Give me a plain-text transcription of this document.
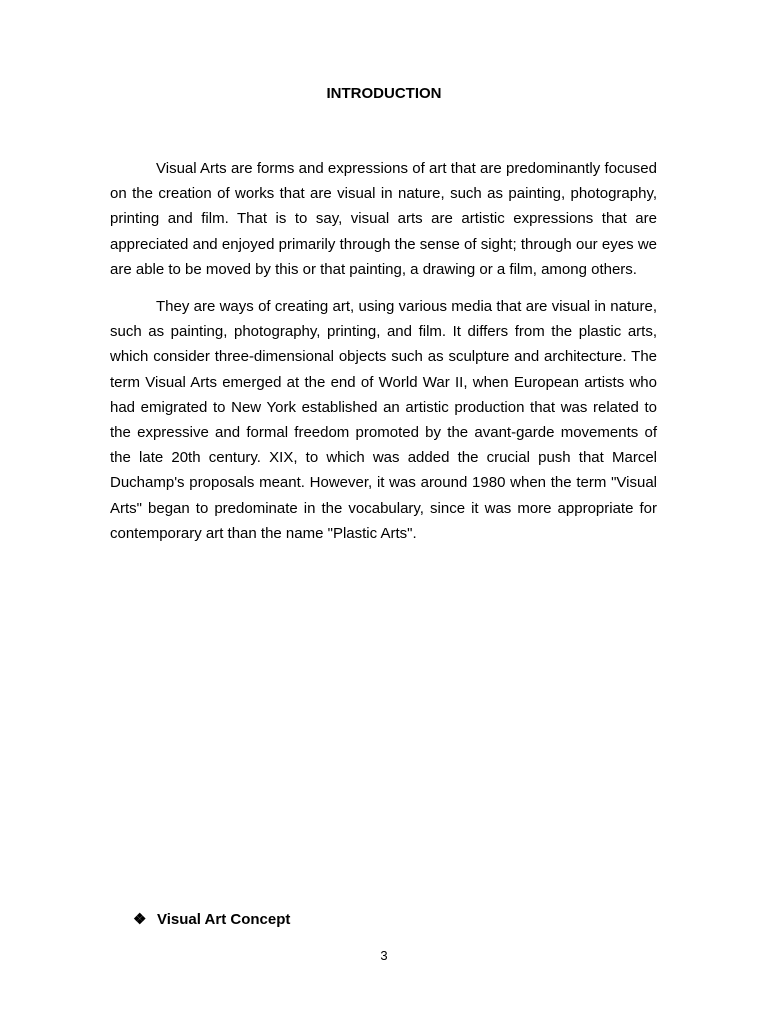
INTRODUCTION

Visual Arts are forms and expressions of art that are predominantly focused on the creation of works that are visual in nature, such as painting, photography, printing and film. That is to say, visual arts are artistic expressions that are appreciated and enjoyed primarily through the sense of sight; through our eyes we are able to be moved by this or that painting, a drawing or a film, among others.

They are ways of creating art, using various media that are visual in nature, such as painting, photography, printing, and film. It differs from the plastic arts, which consider three-dimensional objects such as sculpture and architecture. The term Visual Arts emerged at the end of World War II, when European artists who had emigrated to New York established an artistic production that was related to the expressive and formal freedom promoted by the avant-garde movements of the late 20th century. XIX, to which was added the crucial push that Marcel Duchamp's proposals meant. However, it was around 1980 when the term "Visual Arts" began to predominate in the vocabulary, since it was more appropriate for contemporary art than the name "Plastic Arts".

❖ Visual Art Concept
3
